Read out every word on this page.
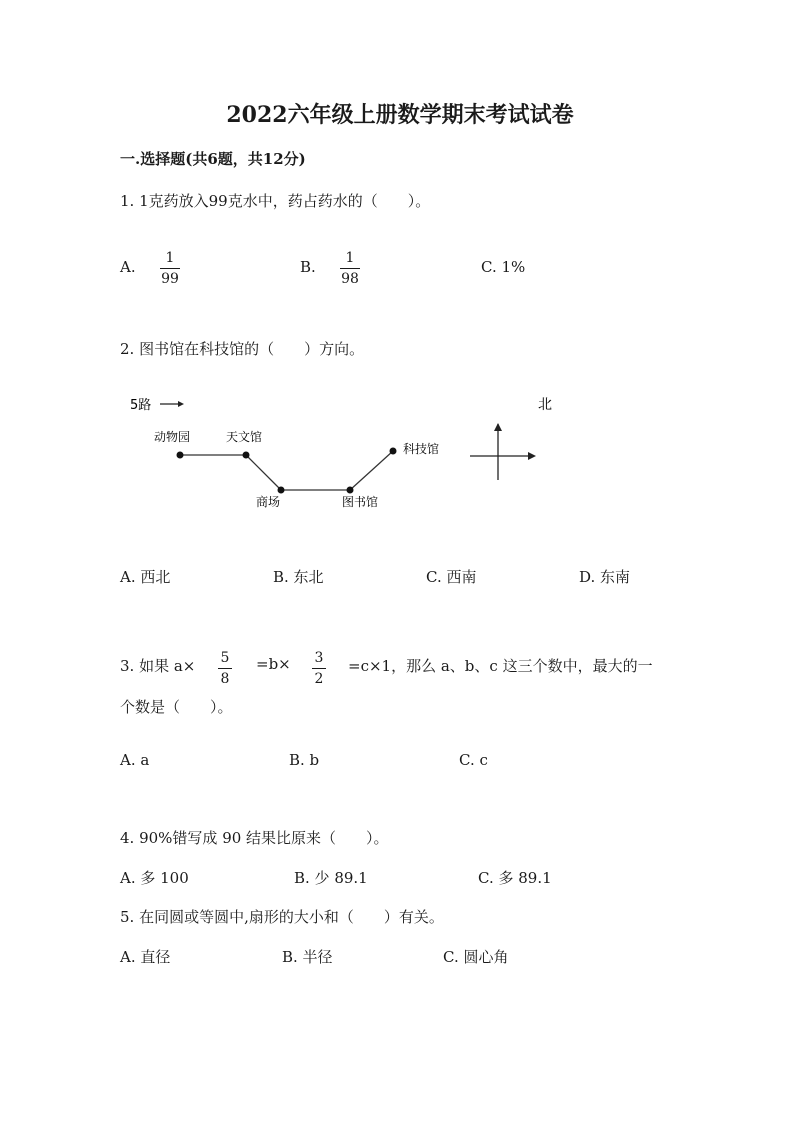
2022六年级上册数学期末考试试卷
一.选择题(共6题，共12分)
1. 1克药放入99克水中，药占药水的（　　）。
A. 1
99
B. 1
98
C. 1%
2. 图书馆在科技馆的（　　）方向。
5路	北
动物园	天文馆
商场	图书馆
科技馆
A. 西北	B. 东北	C. 西南	D. 东南
3. 如果 a× 5
8
=b× 3
2
=c×1，那么 a、b、c 这三个数中，最大的一
个数是（　　）。
A. a	B. b	C. c
4. 90%错写成 90 结果比原来（　　）。
A. 多 100	B. 少 89.1	C. 多 89.1
5. 在同圆或等圆中,扇形的大小和（　　）有关。
A. 直径	B. 半径	C. 圆心角
